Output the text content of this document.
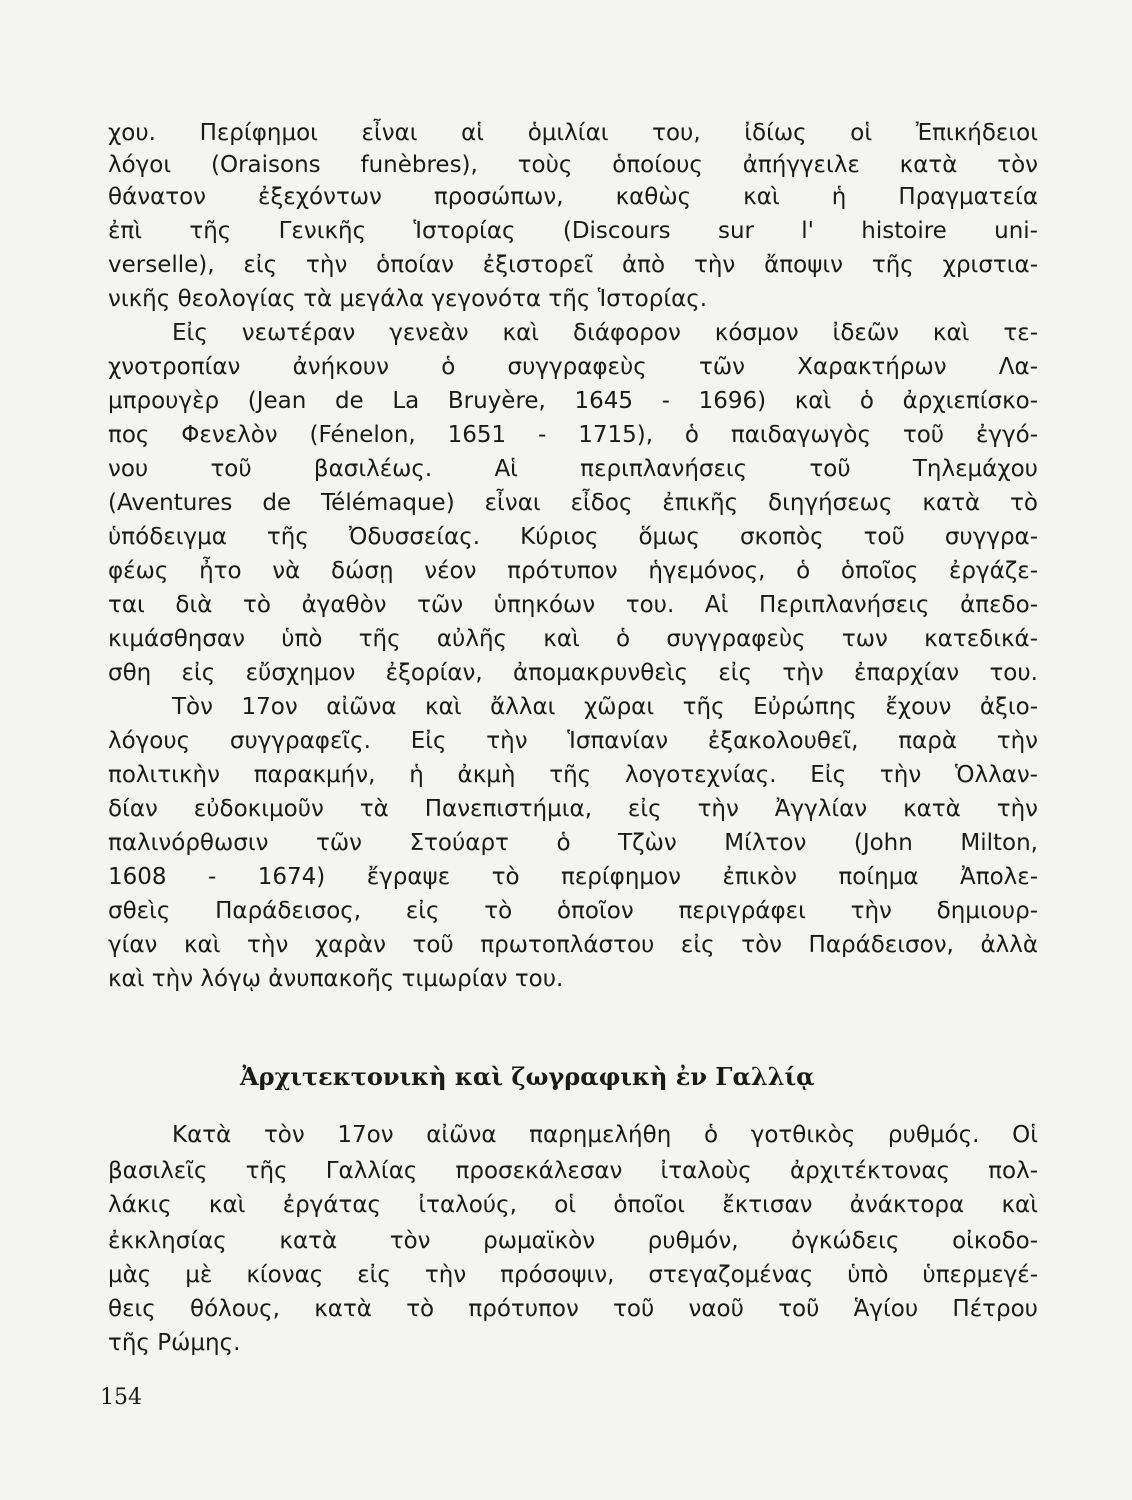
χου. Περίφημοι εἶναι αἱ ὁμιλίαι του, ἰδίως οἱ Ἐπικήδειοι
λόγοι (Oraisons funèbres), τοὺς ὁποίους ἀπήγγειλε κατὰ τὸν
θάνατον ἐξεχόντων προσώπων, καθὼς καὶ ἡ Πραγματεία
ἐπὶ τῆς Γενικῆς Ἱστορίας (Discours sur l' histoire uni-
verselle), εἰς τὴν ὁποίαν ἐξιστορεῖ ἀπὸ τὴν ἄποψιν τῆς χριστια-
νικῆς θεολογίας τὰ μεγάλα γεγονότα τῆς Ἱστορίας.
Εἰς νεωτέραν γενεὰν καὶ διάφορον κόσμον ἰδεῶν καὶ τε-
χνοτροπίαν ἀνήκουν ὁ συγγραφεὺς τῶν Χαρακτήρων Λα-
μπρουγὲρ (Jean de La Bruyère, 1645 - 1696) καὶ ὁ ἀρχιεπίσκο-
πος Φενελὸν (Fénelon, 1651 - 1715), ὁ παιδαγωγὸς τοῦ ἐγγό-
νου τοῦ βασιλέως. Αἱ περιπλανήσεις τοῦ Τηλεμάχου
(Aventures de Télémaque) εἶναι εἶδος ἐπικῆς διηγήσεως κατὰ τὸ
ὑπόδειγμα τῆς Ὀδυσσείας. Κύριος ὅμως σκοπὸς τοῦ συγγρα-
φέως ἦτο νὰ δώσῃ νέον πρότυπον ἡγεμόνος, ὁ ὁποῖος ἐργάζε-
ται διὰ τὸ ἀγαθὸν τῶν ὑπηκόων του. Αἱ Περιπλανήσεις ἀπεδο-
κιμάσθησαν ὑπὸ τῆς αὐλῆς καὶ ὁ συγγραφεὺς των κατεδικά-
σθη εἰς εὔσχημον ἐξορίαν, ἀπομακρυνθεὶς εἰς τὴν ἐπαρχίαν του.
Τὸν 17ον αἰῶνα καὶ ἄλλαι χῶραι τῆς Εὐρώπης ἔχουν ἀξιο-
λόγους συγγραφεῖς. Εἰς τὴν Ἱσπανίαν ἐξακολουθεῖ, παρὰ τὴν
πολιτικὴν παρακμήν, ἡ ἀκμὴ τῆς λογοτεχνίας. Εἰς τὴν Ὁλλαν-
δίαν εὐδοκιμοῦν τὰ Πανεπιστήμια, εἰς τὴν Ἀγγλίαν κατὰ τὴν
παλινόρθωσιν τῶν Στούαρτ ὁ Τζὼν Μίλτον (John Milton,
1608 - 1674) ἔγραψε τὸ περίφημον ἐπικὸν ποίημα Ἀπολε-
σθεὶς Παράδεισος, εἰς τὸ ὁποῖον περιγράφει τὴν δημιουρ-
γίαν καὶ τὴν χαρὰν τοῦ πρωτοπλάστου εἰς τὸν Παράδεισον, ἀλλὰ
καὶ τὴν λόγῳ ἀνυπακοῆς τιμωρίαν του.
Ἀρχιτεκτονικὴ καὶ ζωγραφικὴ ἐν Γαλλίᾳ
Κατὰ τὸν 17ον αἰῶνα παρημελήθη ὁ γοτθικὸς ρυθμός. Οἱ
βασιλεῖς τῆς Γαλλίας προσεκάλεσαν ἰταλοὺς ἀρχιτέκτονας πολ-
λάκις καὶ ἐργάτας ἰταλούς, οἱ ὁποῖοι ἔκτισαν ἀνάκτορα καὶ
ἐκκλησίας κατὰ τὸν ρωμαϊκὸν ρυθμόν, ὀγκώδεις οἰκοδο-
μὰς μὲ κίονας εἰς τὴν πρόσοψιν, στεγαζομένας ὑπὸ ὑπερμεγέ-
θεις θόλους, κατὰ τὸ πρότυπον τοῦ ναοῦ τοῦ Ἁγίου Πέτρου
τῆς Ρώμης.
154
